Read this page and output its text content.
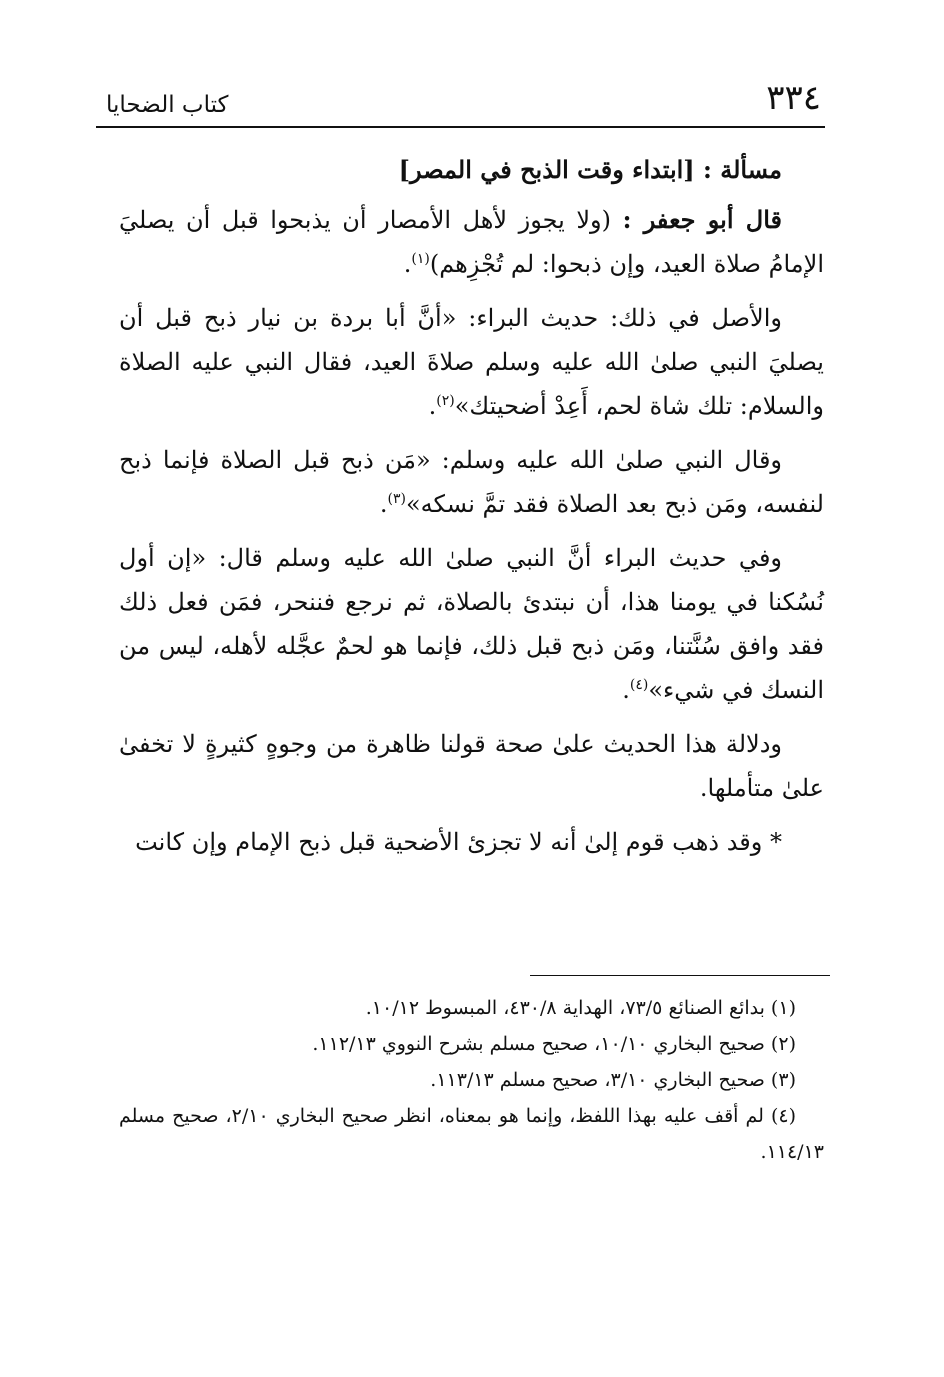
٣٣٤
كتاب الضحايا

مسألة : [ابتداء وقت الذبح في المصر]

قال أبو جعفر : (ولا يجوز لأهل الأمصار أن يذبحوا قبل أن يصليَ الإمامُ صلاة العيد، وإن ذبحوا: لم تُجْزِهم)$^{(١)}$.

والأصل في ذلك: حديث البراء: «أنَّ أبا بردة بن نيار ذبح قبل أن يصليَ النبي صلىٰ الله عليه وسلم صلاةَ العيد، فقال النبي عليه الصلاة والسلام: تلك شاة لحم، أَعِدْ أضحيتك»$^{(٢)}$.

وقال النبي صلىٰ الله عليه وسلم: «مَن ذبح قبل الصلاة فإنما ذبح لنفسه، ومَن ذبح بعد الصلاة فقد تمَّ نسكه»$^{(٣)}$.

وفي حديث البراء أنَّ النبي صلىٰ الله عليه وسلم قال: «إن أول نُسُكنا في يومنا هذا، أن نبتدئ بالصلاة، ثم نرجع فننحر، فمَن فعل ذلك فقد وافق سُنَّتنا، ومَن ذبح قبل ذلك، فإنما هو لحمٌ عجَّله لأهله، ليس من النسك في شيء»$^{(٤)}$.

ودلالة هذا الحديث علىٰ صحة قولنا ظاهرة من وجوهٍ كثيرةٍ لا تخفىٰ علىٰ متأملها.

* وقد ذهب قوم إلىٰ أنه لا تجزئ الأضحية قبل ذبح الإمام وإن كانت

(١) بدائع الصنائع ٧٣/٥، الهداية ٤٣٠/٨، المبسوط ١٠/١٢.

(٢) صحيح البخاري ١٠/١٠، صحيح مسلم بشرح النووي ١١٢/١٣.

(٣) صحيح البخاري ٣/١٠، صحيح مسلم ١١٣/١٣.

(٤) لم أقف عليه بهذا اللفظ، وإنما هو بمعناه، انظر صحيح البخاري ٢/١٠، صحيح مسلم ١١٤/١٣.
